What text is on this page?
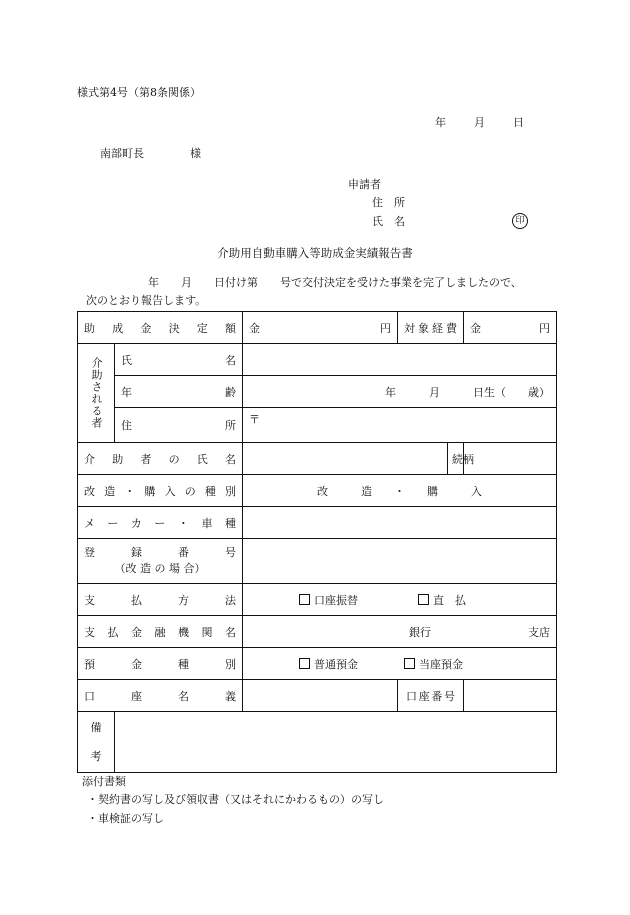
様式第4号（第8条関係）
年	月	日
南部町長	様
申請者
住　所
氏　名	印
介助用自動車購入等助成金実績報告書
年　　月　　日付け第　　号で交付決定を受けた事業を完了しましたので、
次のとおり報告します。
助成金決定額		金 円	対象経費		金 円

介助される者	氏名				
	年齢	年　　　月　　　日生（　　歳）			
	住所	〒			
介助者の氏名				続柄	
改造・購入の種別		改　　　造　　・　　購　　　入			
メーカー・車種					

登　　録　　番　　号
（改 造 の 場 合）					

支払方法		口座振替 直　払			
支払金融機関名		銀行 支店			

預金種別		普通預金 当座預金			
口座名義			口座番号		

備
考					

添付書類
・契約書の写し及び領収書（又はそれにかわるもの）の写し
・車検証の写し
